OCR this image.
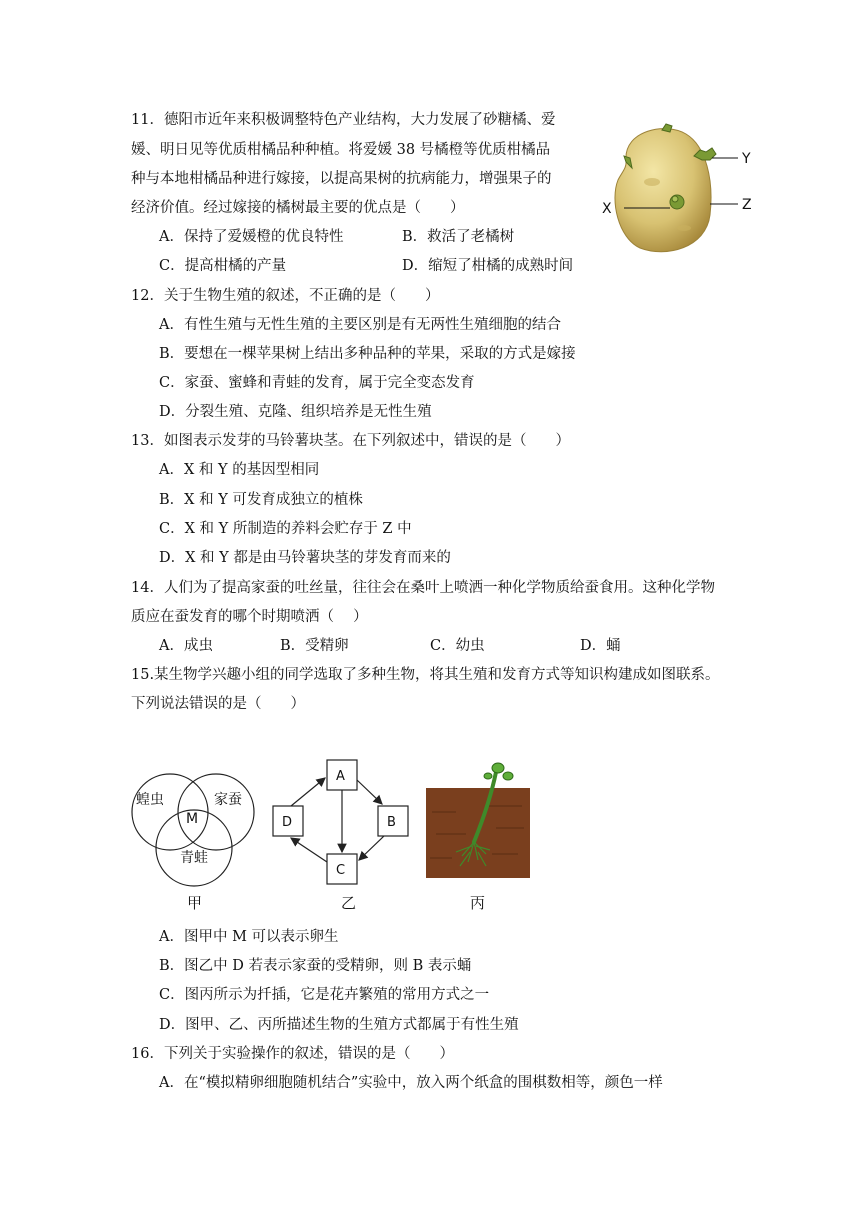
11．德阳市近年来积极调整特色产业结构，大力发展了砂糖橘、爱
媛、明日见等优质柑橘品种种植。将爱媛 38 号橘橙等优质柑橘品
种与本地柑橘品种进行嫁接，以提高果树的抗病能力，增强果子的
经济价值。经过嫁接的橘树最主要的优点是（　　）
A．保持了爱媛橙的优良特性	B．救活了老橘树
C．提高柑橘的产量	D．缩短了柑橘的成熟时间
Y
X	Z
12．关于生物生殖的叙述，不正确的是（　　）
A．有性生殖与无性生殖的主要区别是有无两性生殖细胞的结合
B．要想在一棵苹果树上结出多种品种的苹果，采取的方式是嫁接
C．家蚕、蜜蜂和青蛙的发育，属于完全变态发育
D．分裂生殖、克隆、组织培养是无性生殖
13．如图表示发芽的马铃薯块茎。在下列叙述中，错误的是（　　）
A．X 和 Y 的基因型相同
B．X 和 Y 可发育成独立的植株
C．X 和 Y 所制造的养料会贮存于 Z 中
D．X 和 Y 都是由马铃薯块茎的芽发育而来的
14．人们为了提高家蚕的吐丝量，往往会在桑叶上喷洒一种化学物质给蚕食用。这种化学物
质应在蚕发育的哪个时期喷洒（　 ）
A．成虫	B．受精卵	C．幼虫	D．蛹
15.某生物学兴趣小组的同学选取了多种生物，将其生殖和发育方式等知识构建成如图联系。
下列说法错误的是（　　）
蝗虫	家蚕
M
青蛙
A
B
C
D
甲	乙	丙
A．图甲中 M 可以表示卵生
B．图乙中 D 若表示家蚕的受精卵，则 B 表示蛹
C．图丙所示为扦插，它是花卉繁殖的常用方式之一
D．图甲、乙、丙所描述生物的生殖方式都属于有性生殖
16．下列关于实验操作的叙述，错误的是（　　）
A．在“模拟精卵细胞随机结合”实验中，放入两个纸盒的围棋数相等，颜色一样
